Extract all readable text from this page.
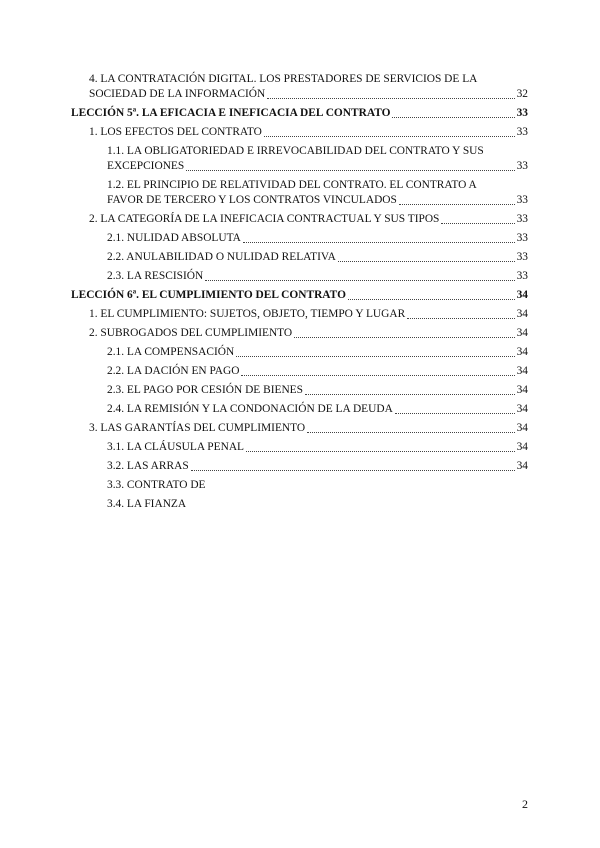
4. LA CONTRATACIÓN DIGITAL. LOS PRESTADORES DE SERVICIOS DE LA
SOCIEDAD DE LA INFORMACIÓN	32
LECCIÓN 5ª. LA EFICACIA E INEFICACIA DEL CONTRATO	33
1. LOS EFECTOS DEL CONTRATO	33
1.1. LA OBLIGATORIEDAD E IRREVOCABILIDAD DEL CONTRATO Y SUS
EXCEPCIONES	33
1.2. EL PRINCIPIO DE RELATIVIDAD DEL CONTRATO. EL CONTRATO A
FAVOR DE TERCERO Y LOS CONTRATOS VINCULADOS	33
2. LA CATEGORÍA DE LA INEFICACIA CONTRACTUAL Y SUS TIPOS	33
2.1. NULIDAD ABSOLUTA	33
2.2. ANULABILIDAD O NULIDAD RELATIVA	33
2.3. LA RESCISIÓN	33
LECCIÓN 6ª. EL CUMPLIMIENTO DEL CONTRATO	34
1. EL CUMPLIMIENTO: SUJETOS, OBJETO, TIEMPO Y LUGAR	34
2. SUBROGADOS DEL CUMPLIMIENTO	34
2.1. LA COMPENSACIÓN	34
2.2. LA DACIÓN EN PAGO	34
2.3. EL PAGO POR CESIÓN DE BIENES	34
2.4. LA REMISIÓN Y LA CONDONACIÓN DE LA DEUDA	34
3. LAS GARANTÍAS DEL CUMPLIMIENTO	34
3.1. LA CLÁUSULA PENAL	34
3.2. LAS ARRAS	34
3.3. CONTRATO DE
3.4. LA FIANZA
2
